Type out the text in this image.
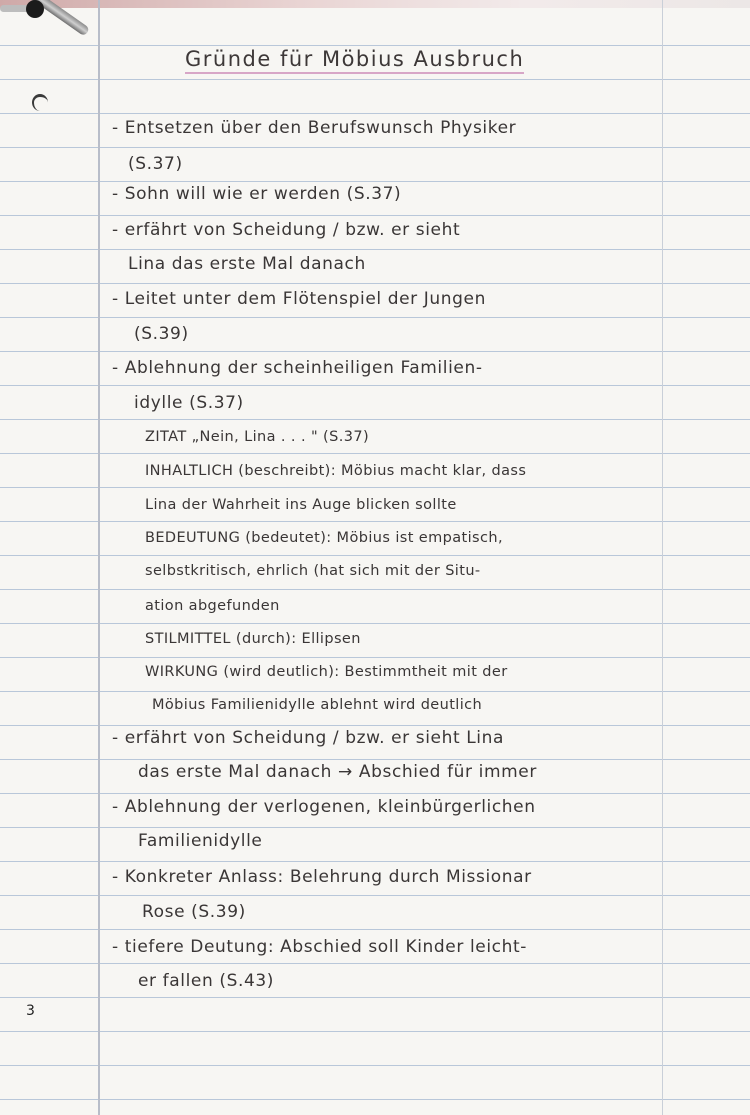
Gründe für Möbius Ausbruch
- Entsetzen über den Berufswunsch Physiker
(S.37)
- Sohn will wie er werden (S.37)
- erfährt von Scheidung / bzw. er sieht
Lina das erste Mal danach
- Leitet unter dem Flötenspiel der Jungen
(S.39)
- Ablehnung der scheinheiligen Familien-
idylle (S.37)
ZITAT „Nein, Lina . . . " (S.37)
INHALTLICH (beschreibt): Möbius macht klar, dass
Lina der Wahrheit ins Auge blicken sollte
BEDEUTUNG (bedeutet): Möbius ist empatisch,
selbstkritisch, ehrlich (hat sich mit der Situ-
ation abgefunden
STILMITTEL (durch): Ellipsen
WIRKUNG (wird deutlich): Bestimmtheit mit der
Möbius Familienidylle ablehnt wird deutlich
- erfährt von Scheidung / bzw. er sieht Lina
das erste Mal danach → Abschied für immer
- Ablehnung der verlogenen, kleinbürgerlichen
Familienidylle
- Konkreter Anlass: Belehrung durch Missionar
Rose (S.39)
- tiefere Deutung: Abschied soll Kinder leicht-
er fallen (S.43)
3
